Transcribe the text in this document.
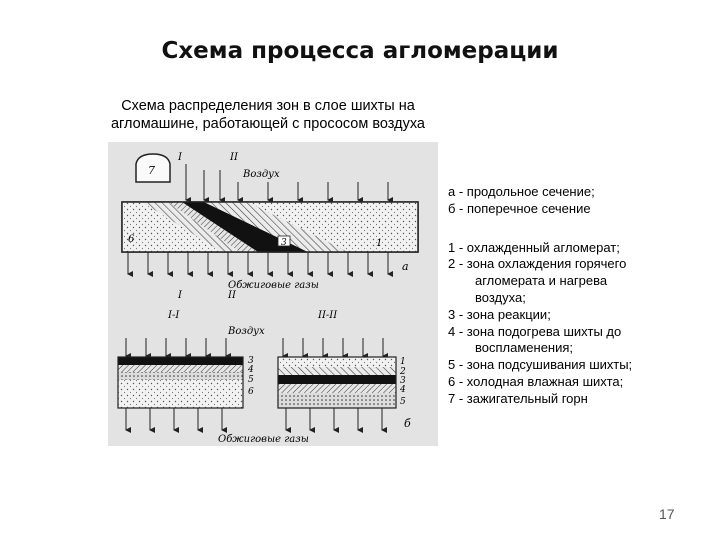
Схема процесса агломерации
Схема распределения зон в слое шихты на
агломашине, работающей с прососом воздуха
7
I	II
Воздух
3	1
6
а
Обжиговые газы
I	II
I-I	II-II
Воздух
3
4
5
6
1
2
3
4
5
б
Обжиговые газы
а - продольное сечение;
б - поперечное сечение
1 - охлажденный агломерат;
2 - зона охлаждения горячего
агломерата и нагрева
воздуха;
3 - зона реакции;
4 - зона подогрева шихты до
воспламенения;
5 - зона подсушивания шихты;
6 - холодная влажная шихта;
7 - зажигательный горн
17
